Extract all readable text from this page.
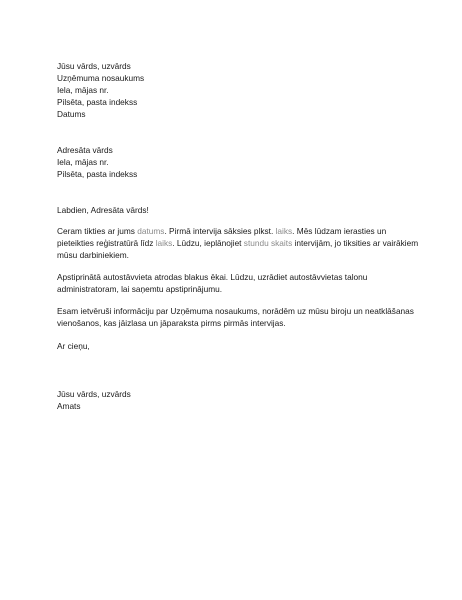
Jūsu vārds, uzvārds
Uzņēmuma nosaukums
Iela, mājas nr.
Pilsēta, pasta indekss
Datums
Adresāta vārds
Iela, mājas nr.
Pilsēta, pasta indekss
Labdien, Adresāta vārds!

Ceram tikties ar jums datums. Pirmā intervija sāksies plkst. laiks. Mēs lūdzam ierasties un pieteikties reģistratūrā līdz laiks. Lūdzu, ieplānojiet stundu skaits intervijām, jo tiksities ar vairākiem mūsu darbiniekiem.

Apstiprinātā autostāvvieta atrodas blakus ēkai. Lūdzu, uzrādiet autostāvvietas talonu administratoram, lai saņemtu apstiprinājumu.

Esam ietvēruši informāciju par Uzņēmuma nosaukums, norādēm uz mūsu biroju un neatklāšanas vienošanos, kas jāizlasa un jāparaksta pirms pirmās intervijas.

Ar cieņu,
Jūsu vārds, uzvārds
Amats
